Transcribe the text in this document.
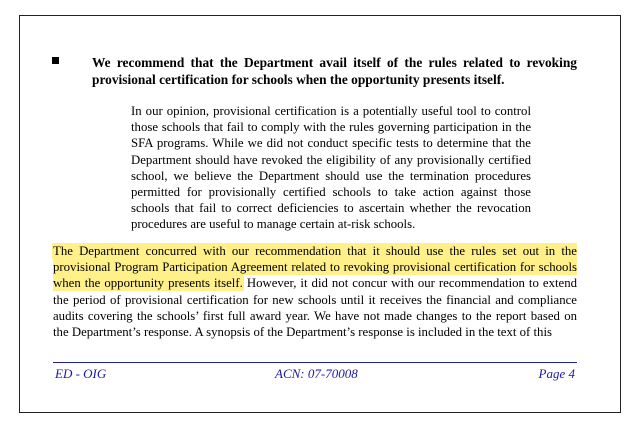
We recommend that the Department avail itself of the rules related to revoking provisional certification for schools when the opportunity presents itself.

In our opinion, provisional certification is a potentially useful tool to control those schools that fail to comply with the rules governing participation in the SFA programs. While we did not conduct specific tests to determine that the Department should have revoked the eligibility of any provisionally certified school, we believe the Department should use the termination procedures permitted for provisionally certified schools to take action against those schools that fail to correct deficiencies to ascertain whether the revocation procedures are useful to manage certain at-risk schools.

The Department concurred with our recommendation that it should use the rules set out in the provisional Program Participation Agreement related to revoking provisional certification for schools when the opportunity presents itself. However, it did not concur with our recommendation to extend the period of provisional certification for new schools until it receives the financial and compliance audits covering the schools’ first full award year. We have not made changes to the report based on the Department’s response. A synopsis of the Department’s response is included in the text of this

ED - OIG	ACN: 07-70008	Page 4
